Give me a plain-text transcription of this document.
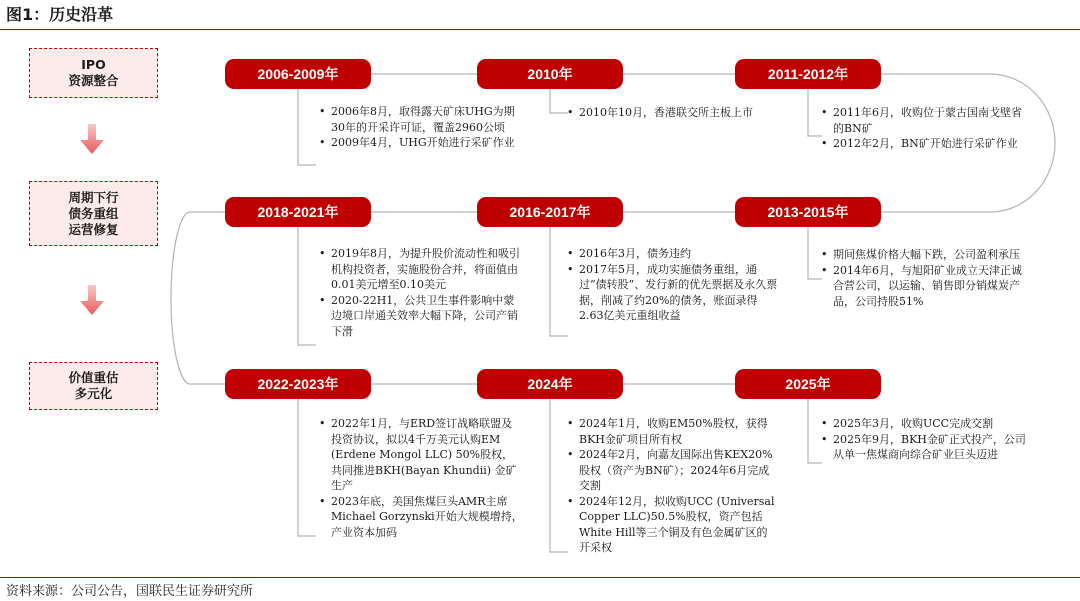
图1：历史沿革
IPO
资源整合
周期下行
债务重组
运营修复
价值重估
多元化
2006-2009年	2010年	2011-2012年
2018-2021年	2016-2017年	2013-2015年
2022-2023年	2024年	2025年
• 2006年8月，取得露天矿床UHG为期30年的开采许可证，覆盖2960公顷
• 2009年4月，UHG开始进行采矿作业
• 2010年10月，香港联交所主板上市
•	2011年6月，收购位于蒙古国南戈壁省的BN矿
• 2012年2月，BN矿开始进行采矿作业
• 2019年8月，为提升股价流动性和吸引机构投资者，实施股份合并，将面值由0.01美元增至0.10美元
• 2020-22H1，公共卫生事件影响中蒙边境口岸通关效率大幅下降，公司产销下滑
• 2016年3月，债务违约
• 2017年5月，成功实施债务重组，通过“债转股”、发行新的优先票据及永久票据，削减了约20%的债务，账面录得2.63亿美元重组收益
• 期间焦煤价格大幅下跌，公司盈利承压
• 2014年6月，与旭阳矿业成立天津正诚合营公司，以运输、销售即分销煤炭产品，公司持股51%
• 2022年1月，与ERD签订战略联盟及投资协议，拟以4千万美元认购EM (Erdene Mongol LLC) 50%股权，共同推进BKH(Bayan Khundii) 金矿生产
• 2023年底，美国焦煤巨头AMR主席Michael Gorzynski开始大规模增持，产业资本加码
• 2024年1月，收购EM50%股权，获得BKH金矿项目所有权
• 2024年2月，向嘉友国际出售KEX20%股权（资产为BN矿）；2024年6月完成交割
• 2024年12月，拟收购UCC (Universal Copper LLC)50.5%股权，资产包括White Hill等三个铜及有色金属矿区的开采权
• 2025年3月，收购UCC完成交割
• 2025年9月，BKH金矿正式投产，公司从单一焦煤商向综合矿业巨头迈进
资料来源：公司公告，国联民生证券研究所
